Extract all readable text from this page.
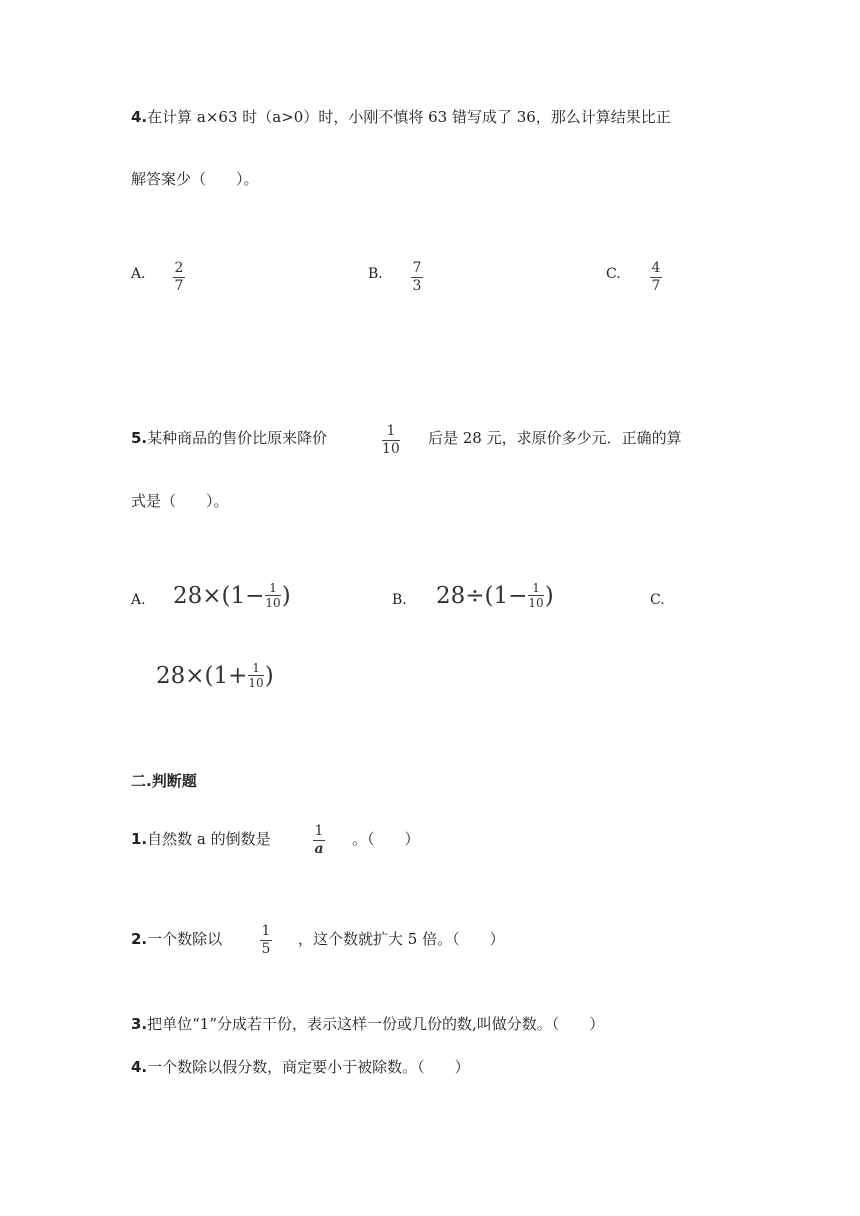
4.在计算 a×63 时（a>0）时，小刚不慎将 63 错写成了 36，那么计算结果比正
解答案少（　　）。
A. $\frac{2}{7}$	B. $\frac{7}{3}$	C. $\frac{4}{7}$
5.某种商品的售价比原来降价	$\frac{1}{10}$ 后是 28 元，求原价多少元．正确的算
式是（　　）。
A. 28×(1− 1
10 )	B. 28÷(1− 1
10 )	C.
28×(1+ 1
10 )
二.判断题
1.自然数 a 的倒数是	$\frac{1}{a}$ 。（　　）
2.一个数除以	$\frac{1}{5}$ ，这个数就扩大 5 倍。（　　）
3.把单位“1”分成若干份，表示这样一份或几份的数,叫做分数。（　　）
4.一个数除以假分数，商定要小于被除数。（　　）
